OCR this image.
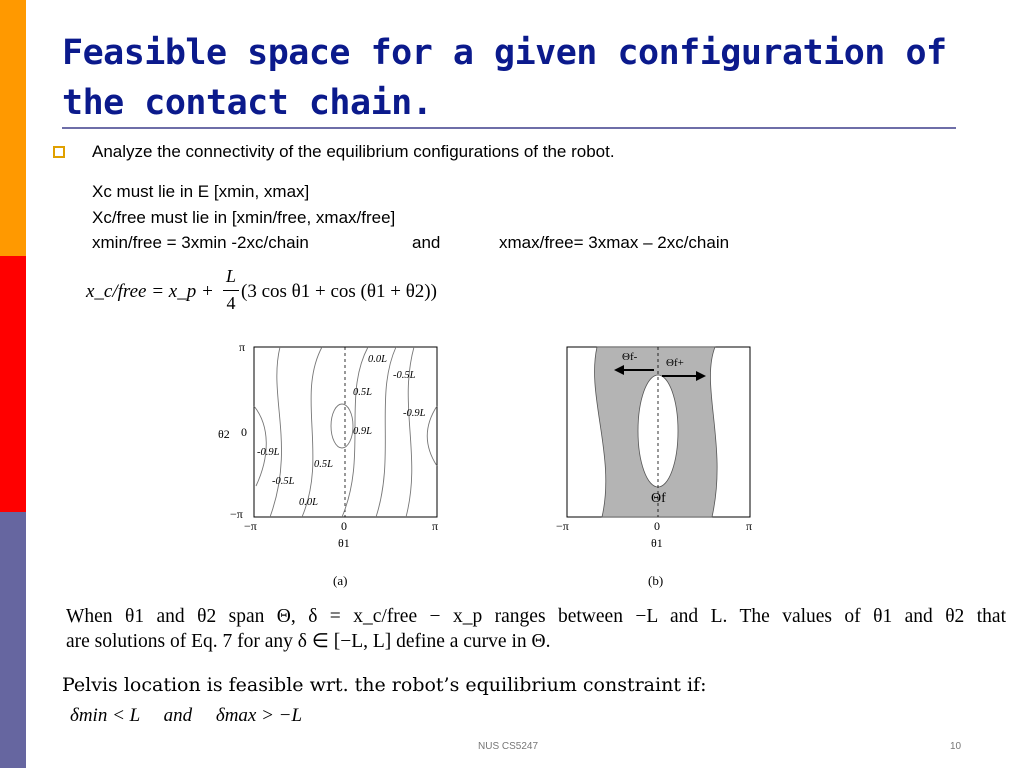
Feasible space for a given configuration of
the contact chain.
Analyze the connectivity of the equilibrium configurations of the robot.
Xc must lie in E [xmin, xmax]
Xc/free must lie in [xmin/free, xmax/free]
xmin/free = 3xmin -2xc/chain	and	xmax/free= 3xmax – 2xc/chain
x_c/free = x_p +
L
4
(3 cos θ1 + cos (θ1 + θ2))
0.0L
-0.5L
0.5L
-0.9L
0.9L
-0.9L
0.5L
-0.5L
0.0L
π
0
−π
θ2
−π	0	π
θ1
(a)
Θf-	Θf+
Θf
−π	0	π
θ1
(b)
When θ1 and θ2 span Θ, δ = x_c/free − x_p ranges between −L and L. The values of θ1 and θ2 that
are solutions of Eq. 7 for any δ ∈ [−L, L] define a curve in Θ.
Pelvis location is feasible wrt. the robot’s equilibrium constraint if:
δmin < L     and     δmax > −L
NUS CS5247	10
